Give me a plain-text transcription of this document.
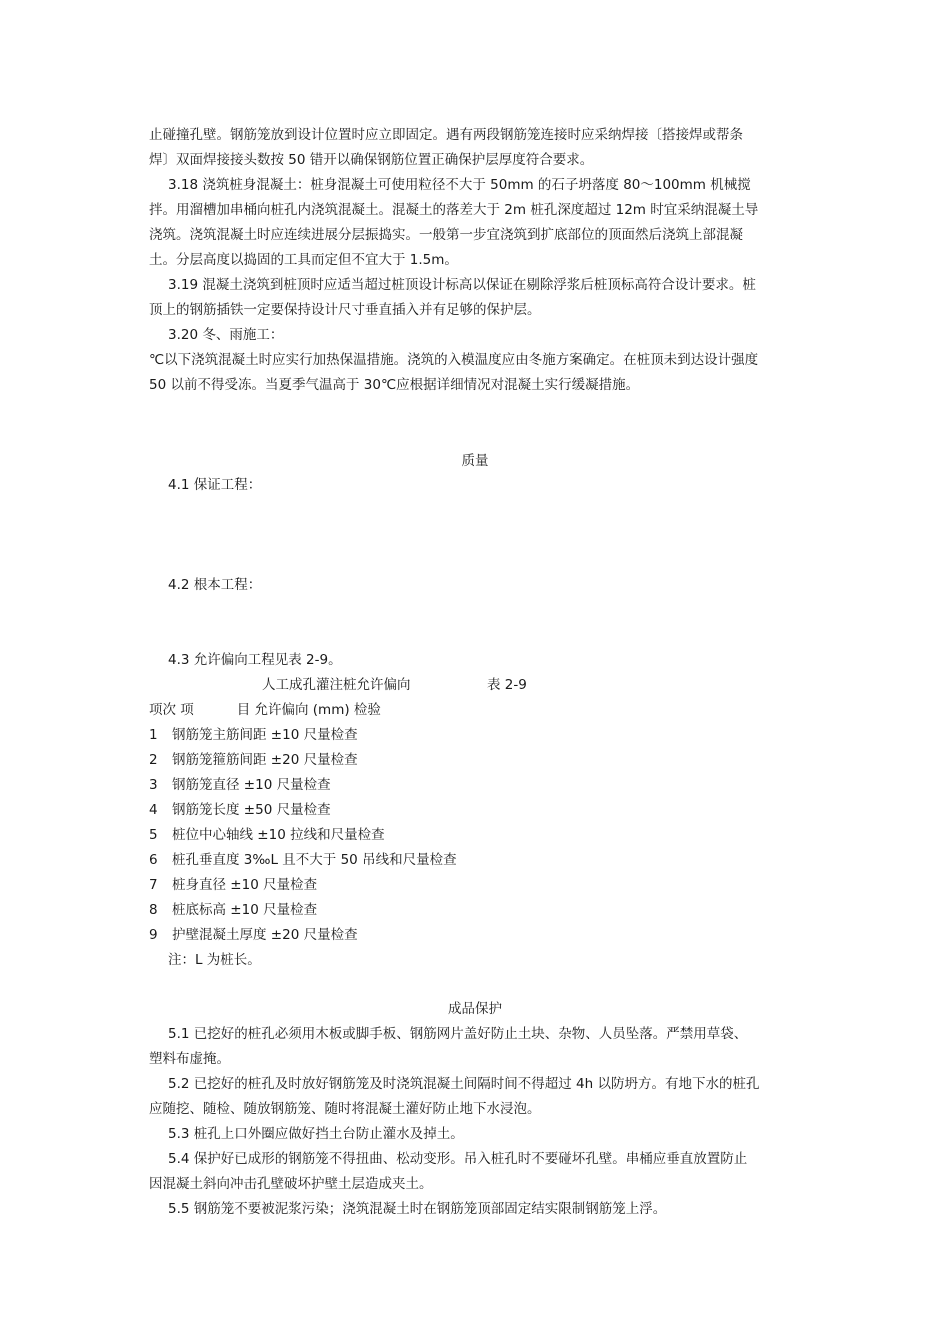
止碰撞孔壁。钢筋笼放到设计位置时应立即固定。遇有两段钢筋笼连接时应采纳焊接〔搭接焊或帮条
焊〕双面焊接接头数按 50 错开以确保钢筋位置正确保护层厚度符合要求。
3.18 浇筑桩身混凝土：桩身混凝土可使用粒径不大于 50mm 的石子坍落度 80～100mm 机械搅
拌。用溜槽加串桶向桩孔内浇筑混凝土。混凝土的落差大于 2m 桩孔深度超过 12m 时宜采纳混凝土导
浇筑。浇筑混凝土时应连续进展分层振捣实。一般第一步宜浇筑到扩底部位的顶面然后浇筑上部混凝
土。分层高度以捣固的工具而定但不宜大于 1.5m。
3.19 混凝土浇筑到桩顶时应适当超过桩顶设计标高以保证在剔除浮浆后桩顶标高符合设计要求。桩
顶上的钢筋插铁一定要保持设计尺寸垂直插入并有足够的保护层。
3.20 冬、雨施工：
℃以下浇筑混凝土时应实行加热保温措施。浇筑的入模温度应由冬施方案确定。在桩顶未到达设计强度
50 以前不得受冻。当夏季气温高于 30℃应根据详细情况对混凝土实行缓凝措施。
质量
4.1 保证工程：
4.2 根本工程：
4.3 允许偏向工程见表 2-9。
人工成孔灌注桩允许偏向	表 2-9
项次 项          目 允许偏向 (mm) 检验
1 钢筋笼主筋间距 ±10 尺量检查
2 钢筋笼箍筋间距 ±20 尺量检查
3 钢筋笼直径 ±10 尺量检查
4 钢筋笼长度 ±50 尺量检查
5 桩位中心轴线 ±10 拉线和尺量检查
6 桩孔垂直度 3‰L 且不大于 50 吊线和尺量检查
7 桩身直径 ±10 尺量检查
8 桩底标高 ±10 尺量检查
9 护壁混凝土厚度 ±20 尺量检查
注：L 为桩长。
成品保护
5.1 已挖好的桩孔必须用木板或脚手板、钢筋网片盖好防止土块、杂物、人员坠落。严禁用草袋、
塑料布虚掩。
5.2 已挖好的桩孔及时放好钢筋笼及时浇筑混凝土间隔时间不得超过 4h 以防坍方。有地下水的桩孔
应随挖、随检、随放钢筋笼、随时将混凝土灌好防止地下水浸泡。
5.3 桩孔上口外圈应做好挡土台防止灌水及掉土。
5.4 保护好已成形的钢筋笼不得扭曲、松动变形。吊入桩孔时不要碰坏孔壁。串桶应垂直放置防止
因混凝土斜向冲击孔壁破坏护壁土层造成夹土。
5.5 钢筋笼不要被泥浆污染；浇筑混凝土时在钢筋笼顶部固定结实限制钢筋笼上浮。
